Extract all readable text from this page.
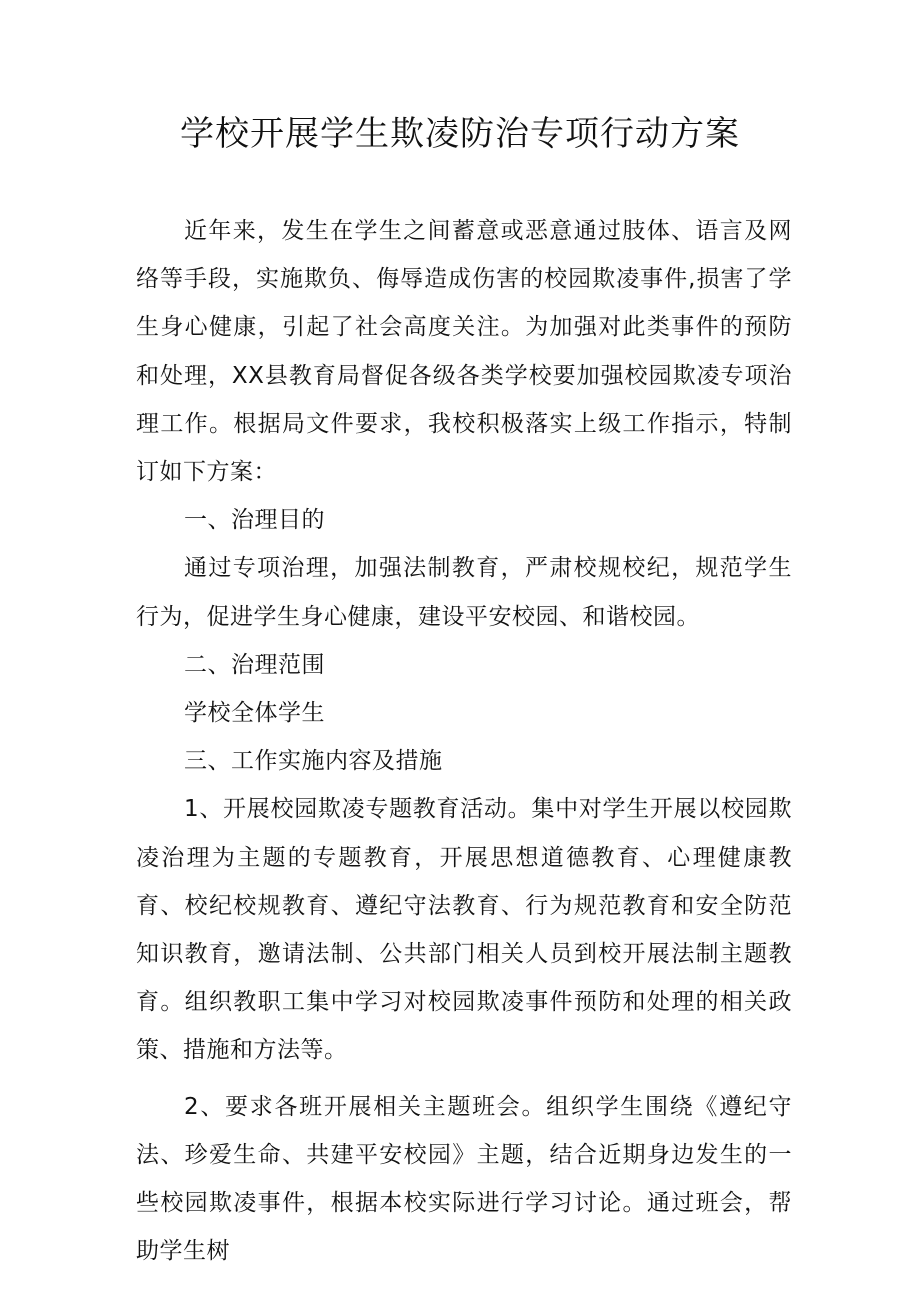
学校开展学生欺凌防治专项行动方案

近年来，发生在学生之间蓄意或恶意通过肢体、语言及网络等手段，实施欺负、侮辱造成伤害的校园欺凌事件,损害了学生身心健康，引起了社会高度关注。为加强对此类事件的预防和处理，XX县教育局督促各级各类学校要加强校园欺凌专项治理工作。根据局文件要求，我校积极落实上级工作指示，特制订如下方案：

一、治理目的

通过专项治理，加强法制教育，严肃校规校纪，规范学生行为，促进学生身心健康，建设平安校园、和谐校园。

二、治理范围

学校全体学生

三、工作实施内容及措施

1、开展校园欺凌专题教育活动。集中对学生开展以校园欺凌治理为主题的专题教育，开展思想道德教育、心理健康教育、校纪校规教育、遵纪守法教育、行为规范教育和安全防范知识教育，邀请法制、公共部门相关人员到校开展法制主题教育。组织教职工集中学习对校园欺凌事件预防和处理的相关政策、措施和方法等。

2、要求各班开展相关主题班会。组织学生围绕《遵纪守法、珍爱生命、共建平安校园》主题，结合近期身边发生的一些校园欺凌事件，根据本校实际进行学习讨论。通过班会，帮助学生树
